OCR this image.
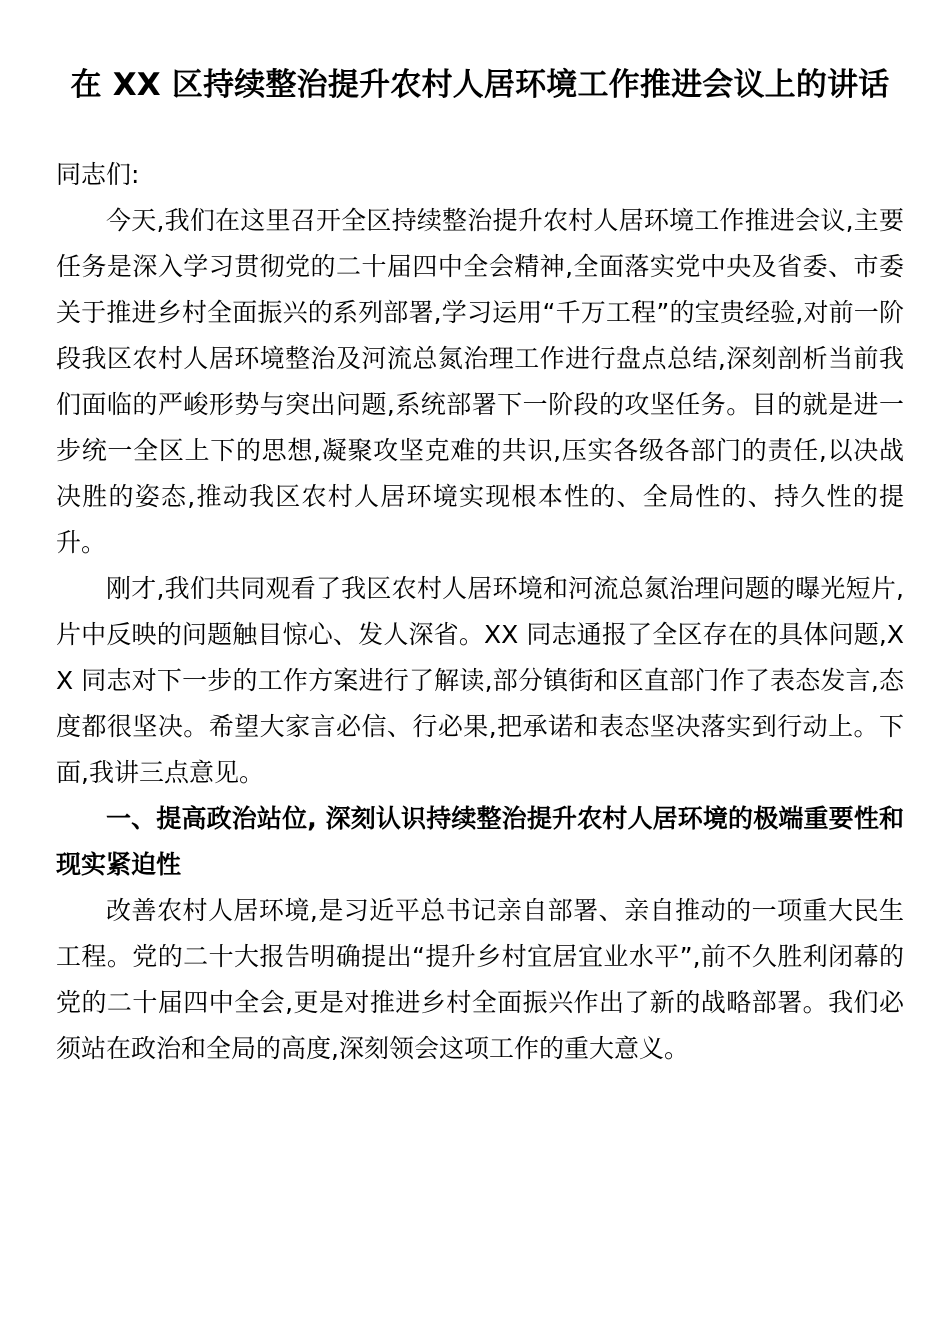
在 XX 区持续整治提升农村人居环境工作推进会议上的讲话

同志们:

今天,我们在这里召开全区持续整治提升农村人居环境工作推进会议,主要任务是深入学习贯彻党的二十届四中全会精神,全面落实党中央及省委、市委关于推进乡村全面振兴的系列部署,学习运用“千万工程”的宝贵经验,对前一阶段我区农村人居环境整治及河流总氮治理工作进行盘点总结,深刻剖析当前我们面临的严峻形势与突出问题,系统部署下一阶段的攻坚任务。目的就是进一步统一全区上下的思想,凝聚攻坚克难的共识,压实各级各部门的责任,以决战决胜的姿态,推动我区农村人居环境实现根本性的、全局性的、持久性的提升。

刚才,我们共同观看了我区农村人居环境和河流总氮治理问题的曝光短片,片中反映的问题触目惊心、发人深省。XX 同志通报了全区存在的具体问题,XX 同志对下一步的工作方案进行了解读,部分镇街和区直部门作了表态发言,态度都很坚决。希望大家言必信、行必果,把承诺和表态坚决落实到行动上。下面,我讲三点意见。

一、提高政治站位, 深刻认识持续整治提升农村人居环境的极端重要性和现实紧迫性

改善农村人居环境,是习近平总书记亲自部署、亲自推动的一项重大民生工程。党的二十大报告明确提出“提升乡村宜居宜业水平”,前不久胜利闭幕的党的二十届四中全会,更是对推进乡村全面振兴作出了新的战略部署。我们必须站在政治和全局的高度,深刻领会这项工作的重大意义。
